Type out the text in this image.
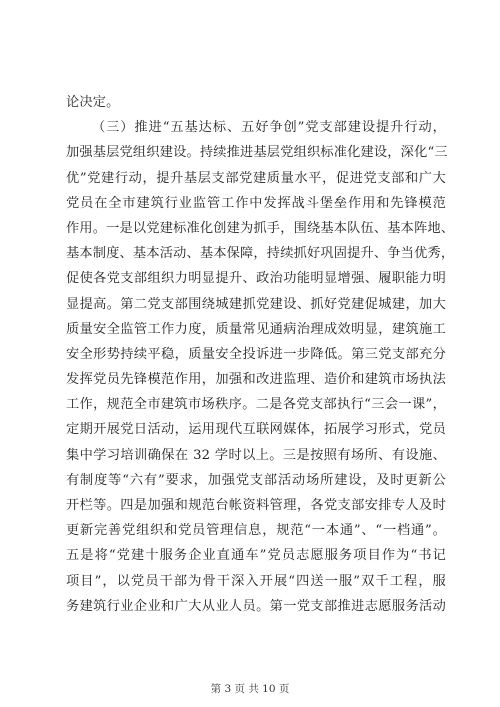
论决定。
（三）推进“五基达标、五好争创”党支部建设提升行动，
加强基层党组织建设。持续推进基层党组织标准化建设，深化“三
优”党建行动，提升基层支部党建质量水平，促进党支部和广大
党员在全市建筑行业监管工作中发挥战斗堡垒作用和先锋模范
作用。一是以党建标准化创建为抓手，围绕基本队伍、基本阵地、
基本制度、基本活动、基本保障，持续抓好巩固提升、争当优秀，
促使各党支部组织力明显提升、政治功能明显增强、履职能力明
显提高。第二党支部围绕城建抓党建设、抓好党建促城建，加大
质量安全监管工作力度，质量常见通病治理成效明显，建筑施工
安全形势持续平稳，质量安全投诉进一步降低。第三党支部充分
发挥党员先锋模范作用，加强和改进监理、造价和建筑市场执法
工作，规范全市建筑市场秩序。二是各党支部执行“三会一课”，
定期开展党日活动，运用现代互联网媒体，拓展学习形式，党员
集中学习培训确保在 32 学时以上。三是按照有场所、有设施、
有制度等“六有”要求，加强党支部活动场所建设，及时更新公
开栏等。四是加强和规范台帐资料管理，各党支部安排专人及时
更新完善党组织和党员管理信息，规范“一本通”、“一档通”。
五是将“党建十服务企业直通车”党员志愿服务项目作为“书记
项目”，以党员干部为骨干深入开展“四送一服”双千工程，服
务建筑行业企业和广大从业人员。第一党支部推进志愿服务活动
第 3 页 共 10 页
